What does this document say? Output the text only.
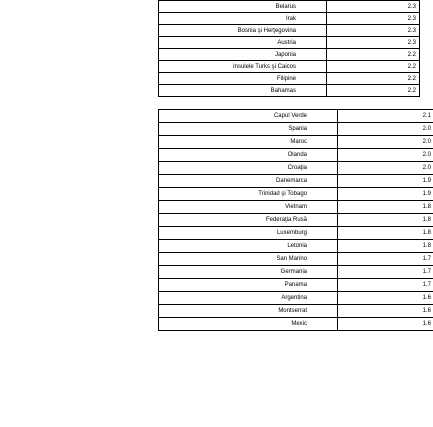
Belarus	2.3
Irak	2.3
Bosnia şi Herţegovina	2.3
Austria	2.3
Japonia	2.2
Insulele Turks şi Caicos	2.2
Filipine	2.2
Bahamas	2.2
Capul Verde	2.1
Spania	2.0
Maroc	2.0
Olanda	2.0
Croaţia	2.0
Danemarca	1.9
Trinidad şi Tobago	1.9
Vietnam	1.8
Federaţia Rusă	1.8
Luxemburg	1.8
Letonia	1.8
San Marino	1.7
Germania	1.7
Panama	1.7
Argentina	1.6
Montserrat	1.6
Mexic	1.6
